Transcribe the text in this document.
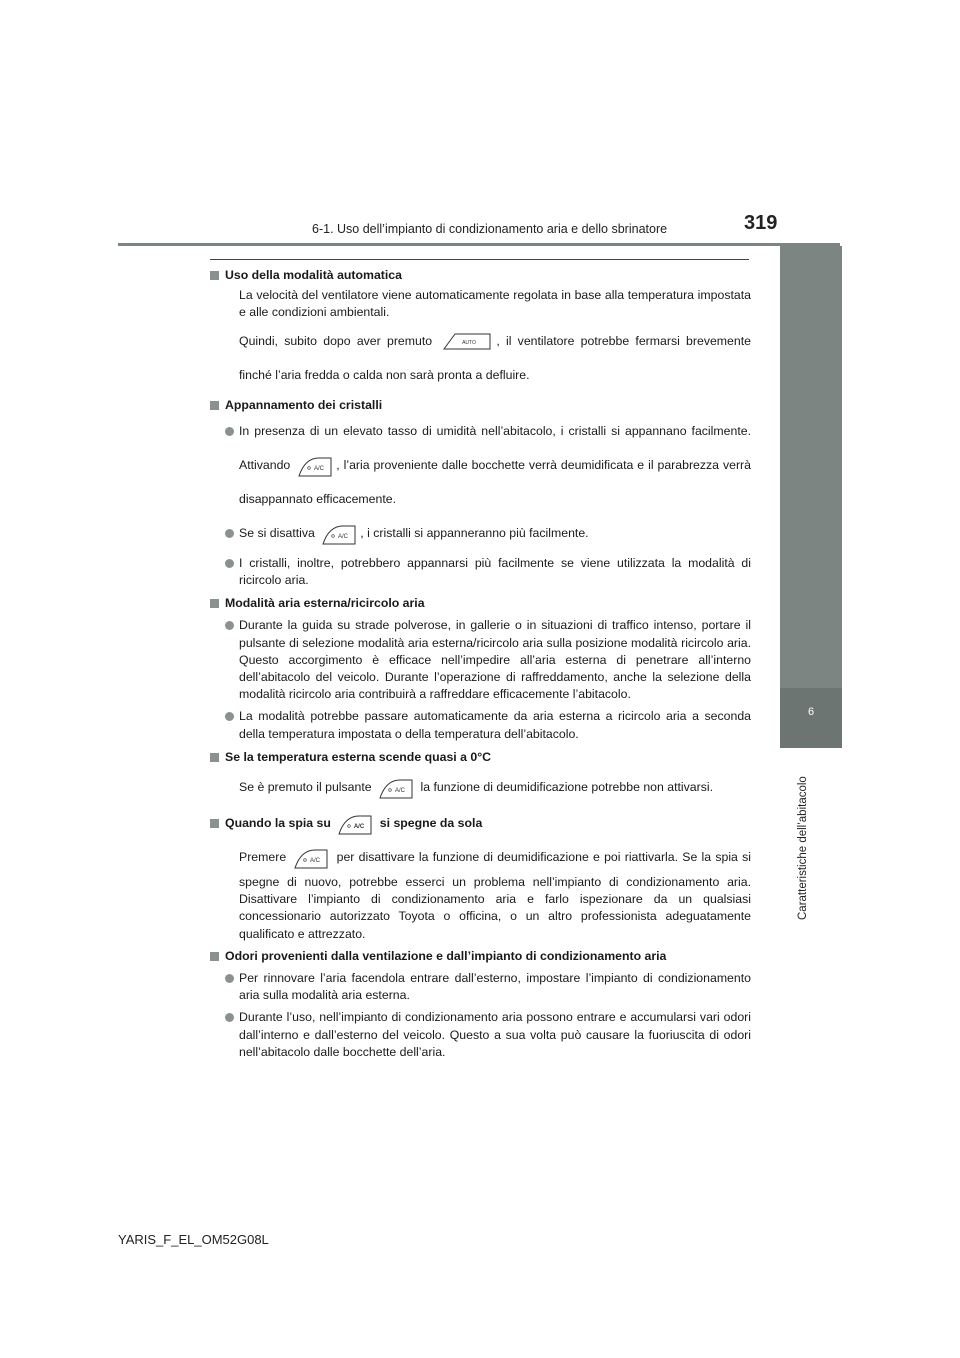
6-1. Uso dell’impianto di condizionamento aria e dello sbrinatore	319
6
Caratteristiche dell’abitacolo
Uso della modalità automatica
La velocità del ventilatore viene automaticamente regolata in base alla temperatura impostata e alle condizioni ambientali.
Quindi, subito dopo aver premuto	AUTO , il ventilatore potrebbe fermarsi brevemente finché l’aria fredda o calda non sarà pronta a defluire.
Appannamento dei cristalli
In presenza di un elevato tasso di umidità nell’abitacolo, i cristalli si appannano facilmente. Attivando	A/C , l’aria proveniente dalle bocchette verrà deumidificata e il parabrezza verrà disappannato efficacemente.
Se si disattiva	A/C , i cristalli si appanneranno più facilmente.
I cristalli, inoltre, potrebbero appannarsi più facilmente se viene utilizzata la modalità di ricircolo aria.
Modalità aria esterna/ricircolo aria
Durante la guida su strade polverose, in gallerie o in situazioni di traffico intenso, portare il pulsante di selezione modalità aria esterna/ricircolo aria sulla posizione modalità ricircolo aria. Questo accorgimento è efficace nell’impedire all’aria esterna di penetrare all’interno dell’abitacolo del veicolo. Durante l’operazione di raffreddamento, anche la selezione della modalità ricircolo aria contribuirà a raffreddare efficacemente l’abitacolo.
La modalità potrebbe passare automaticamente da aria esterna a ricircolo aria a seconda della temperatura impostata o della temperatura dell’abitacolo.
Se la temperatura esterna scende quasi a 0°C
Se è premuto il pulsante	A/C la funzione di deumidificazione potrebbe non attivarsi.
Quando la spia su	A/C si spegne da sola
Premere	A/C per disattivare la funzione di deumidificazione e poi riattivarla. Se la spia si spegne di nuovo, potrebbe esserci un problema nell’impianto di condizionamento aria. Disattivare l’impianto di condizionamento aria e farlo ispezionare da un qualsiasi concessionario autorizzato Toyota o officina, o un altro professionista adeguatamente qualificato e attrezzato.
Odori provenienti dalla ventilazione e dall’impianto di condizionamento aria
Per rinnovare l’aria facendola entrare dall’esterno, impostare l’impianto di condizionamento aria sulla modalità aria esterna.
Durante l’uso, nell’impianto di condizionamento aria possono entrare e accumularsi vari odori dall’interno e dall’esterno del veicolo. Questo a sua volta può causare la fuoriuscita di odori nell’abitacolo dalle bocchette dell’aria.
YARIS_F_EL_OM52G08L
